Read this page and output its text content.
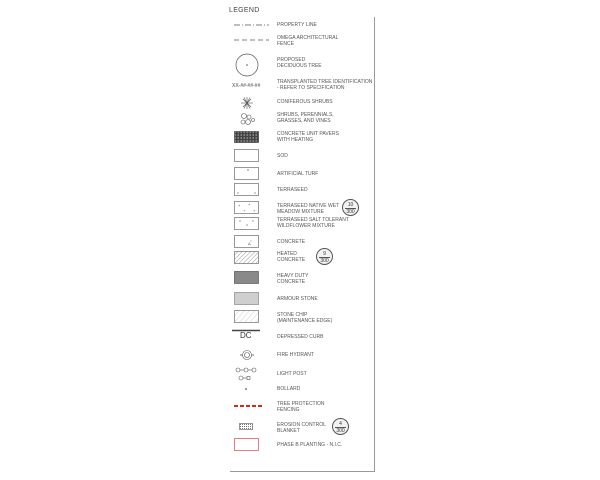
LEGEND
PROPERTY LINE
OMEGA ARCHITECTURAL
FENCE
PROPOSED
DECIDUOUS TREE
XX-##-##-##
TRANSPLANTED TREE IDENTIFICATION
- REFER TO SPECIFICATION
CONIFEROUS SHRUBS
SHRUBS, PERENNIALS,
GRASSES, AND VINES
CONCRETE UNIT PAVERS
WITH HEATING
SOD
*	ARTIFICIAL TURF
TERRASEED
+ +
+ +
TERRASEED NATIVE WET
MEADOW MIXTURE
10
300
TERRASEED SALT TOLERANT
WILDFLOWER MIXTURE
Δ	CONCRETE
HEATED
CONCRETE
9
300
HEAVY DUTY
CONCRETE
ARMOUR STONE
STONE CHIP
(MAINTENANCE EDGE)
DC	DEPRESSED CURB
FIRE HYDRANT
LIGHT POST
BOLLARD
TREE PROTECTION
FENCING
EROSION CONTROL
BLANKET
4
300
PHASE B PLANTING - N.I.C.
